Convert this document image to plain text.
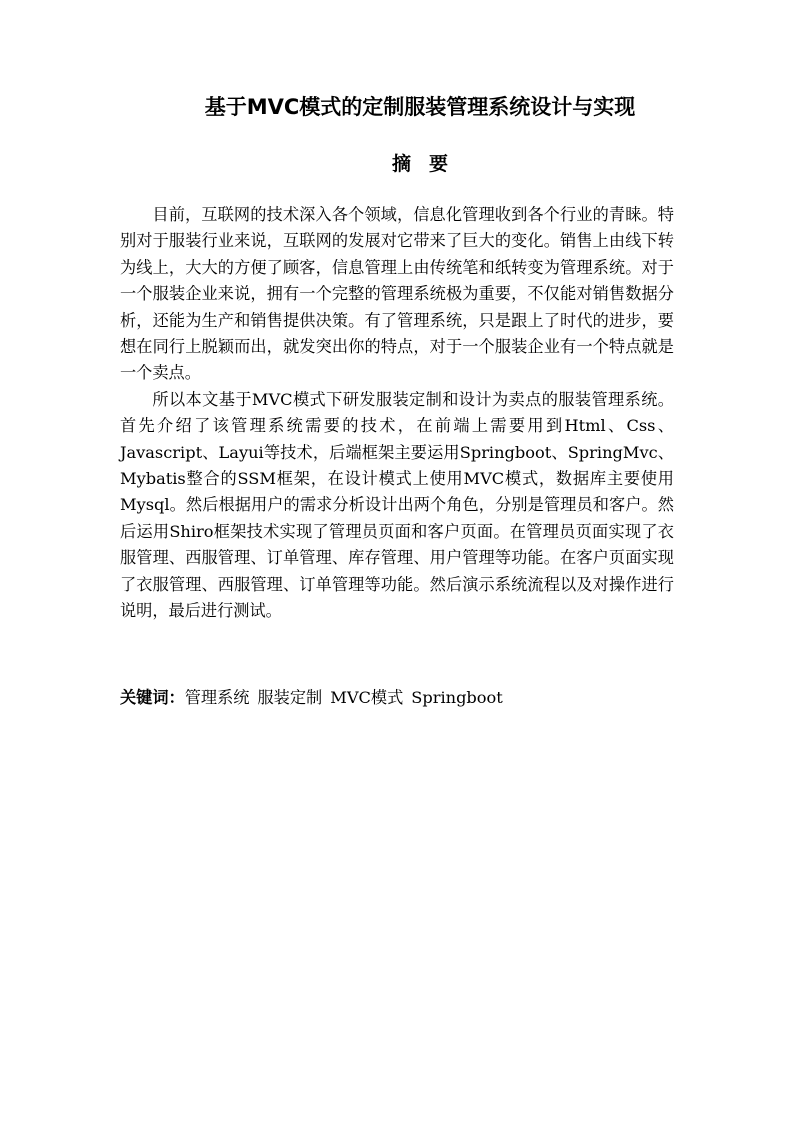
基于MVC模式的定制服装管理系统设计与实现
摘要

目前，互联网的技术深入各个领域，信息化管理收到各个行业的青睐。特别对于服装行业来说，互联网的发展对它带来了巨大的变化。销售上由线下转为线上，大大的方便了顾客，信息管理上由传统笔和纸转变为管理系统。对于一个服装企业来说，拥有一个完整的管理系统极为重要，不仅能对销售数据分析，还能为生产和销售提供决策。有了管理系统，只是跟上了时代的进步，要想在同行上脱颖而出，就发突出你的特点，对于一个服装企业有一个特点就是一个卖点。

所以本文基于MVC模式下研发服装定制和设计为卖点的服装管理系统。首先介绍了该管理系统需要的技术，在前端上需要用到Html、Css、Javascript、Layui等技术，后端框架主要运用Springboot、SpringMvc、Mybatis整合的SSM框架，在设计模式上使用MVC模式，数据库主要使用Mysql。然后根据用户的需求分析设计出两个角色，分别是管理员和客户。然后运用Shiro框架技术实现了管理员页面和客户页面。在管理员页面实现了衣服管理、西服管理、订单管理、库存管理、用户管理等功能。在客户页面实现了衣服管理、西服管理、订单管理等功能。然后演示系统流程以及对操作进行说明，最后进行测试。

关键词：管理系统 服装定制 MVC模式 Springboot
